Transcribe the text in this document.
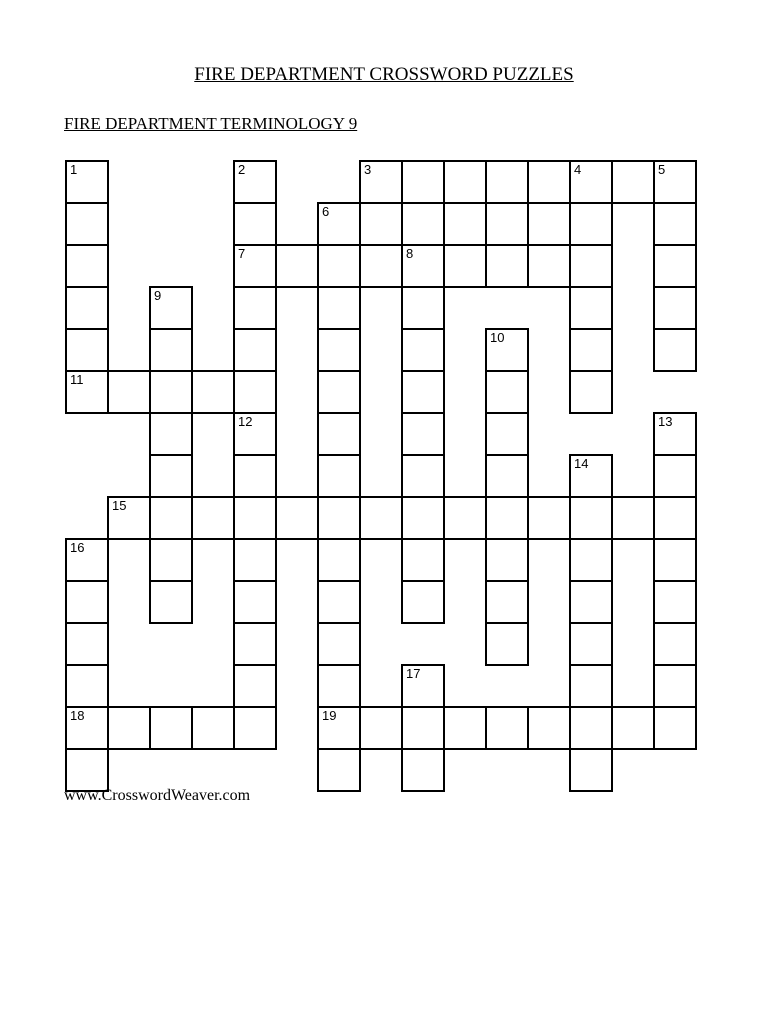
FIRE DEPARTMENT CROSSWORD PUZZLES
FIRE DEPARTMENT TERMINOLOGY 9
1	2	3	4	5
6
7	8
9
10
11
12	13
14
15
16
17
18	19
www.CrosswordWeaver.com
